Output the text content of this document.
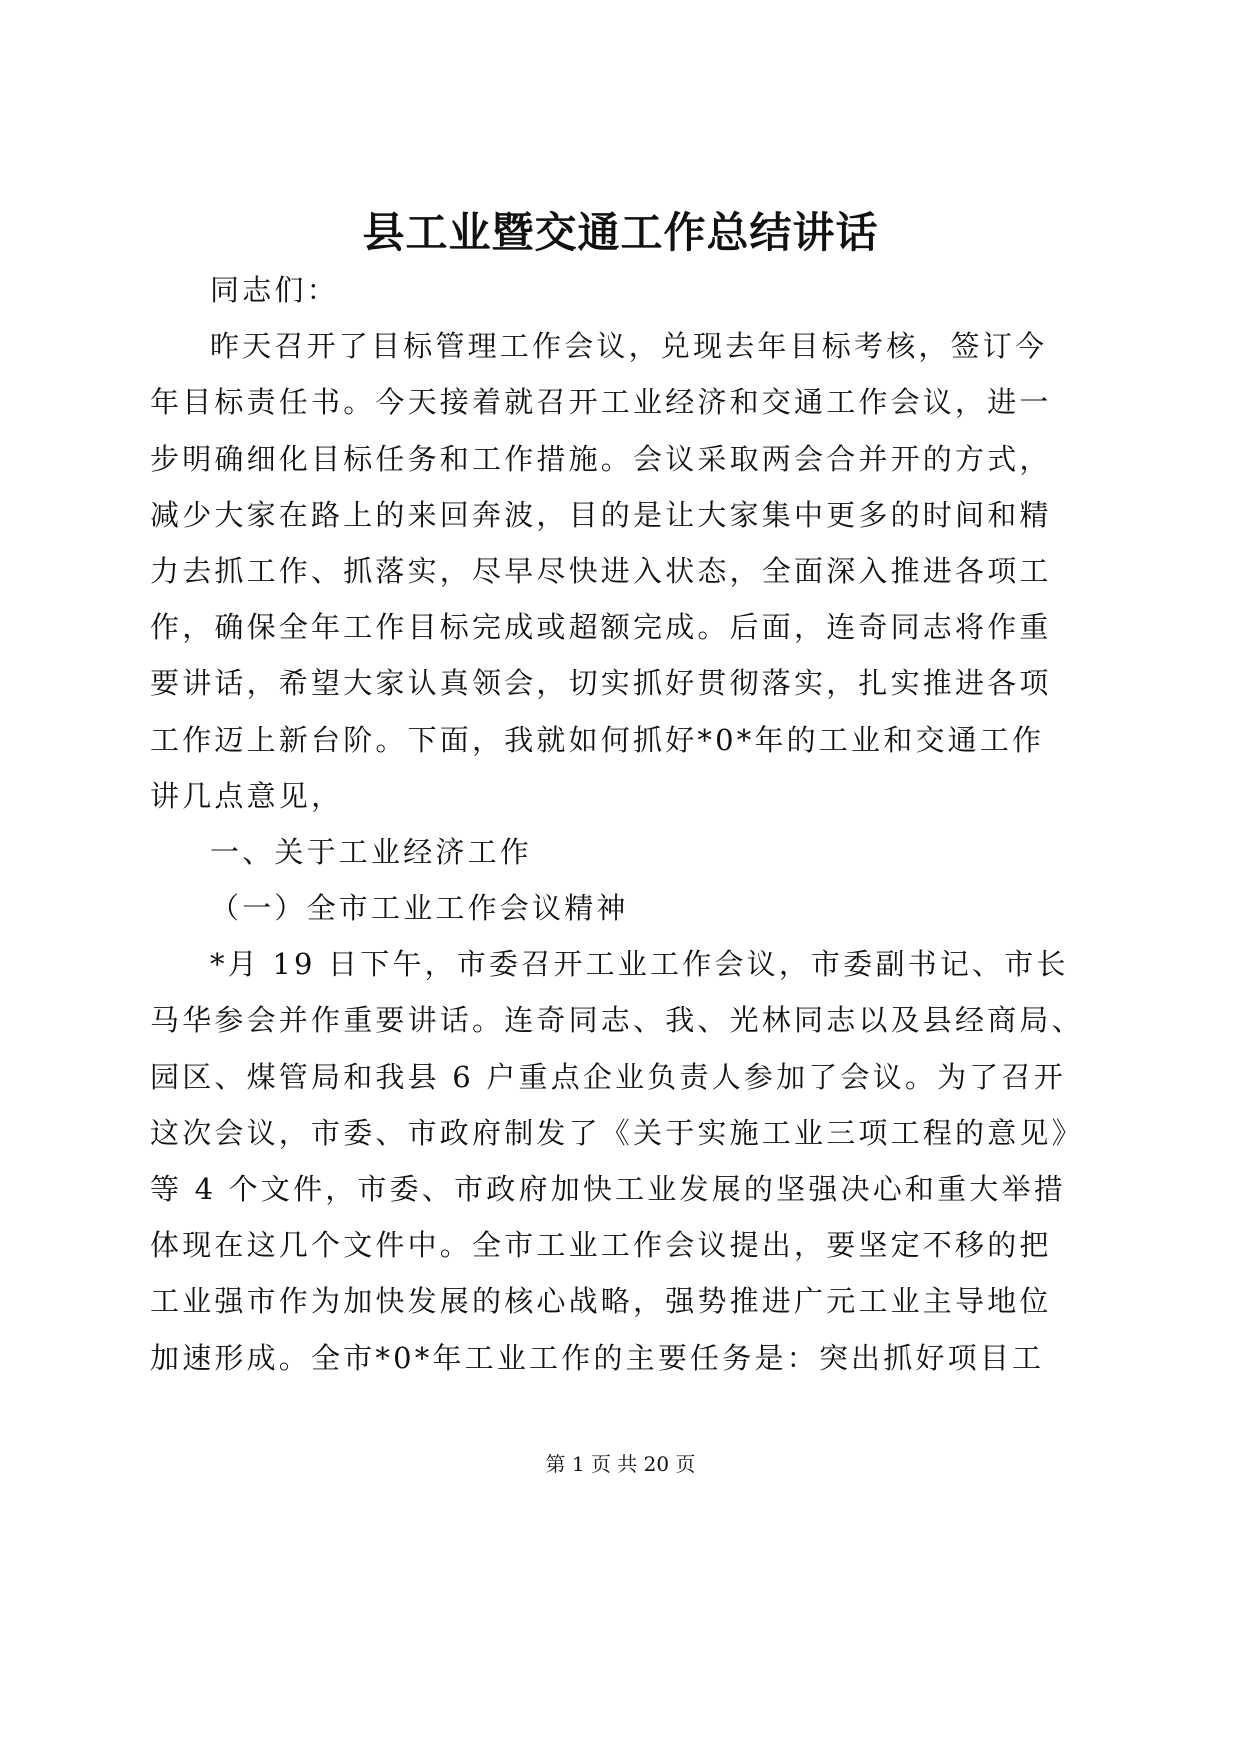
县工业暨交通工作总结讲话
同志们：
昨天召开了目标管理工作会议，兑现去年目标考核，签订今
年目标责任书。今天接着就召开工业经济和交通工作会议，进一
步明确细化目标任务和工作措施。会议采取两会合并开的方式，
减少大家在路上的来回奔波，目的是让大家集中更多的时间和精
力去抓工作、抓落实，尽早尽快进入状态，全面深入推进各项工
作，确保全年工作目标完成或超额完成。后面，连奇同志将作重
要讲话，希望大家认真领会，切实抓好贯彻落实，扎实推进各项
工作迈上新台阶。下面，我就如何抓好*0*年的工业和交通工作
讲几点意见，
一、关于工业经济工作
（一）全市工业工作会议精神
*月 19 日下午，市委召开工业工作会议，市委副书记、市长
马华参会并作重要讲话。连奇同志、我、光林同志以及县经商局、
园区、煤管局和我县 6 户重点企业负责人参加了会议。为了召开
这次会议，市委、市政府制发了《关于实施工业三项工程的意见》
等 4 个文件，市委、市政府加快工业发展的坚强决心和重大举措
体现在这几个文件中。全市工业工作会议提出，要坚定不移的把
工业强市作为加快发展的核心战略，强势推进广元工业主导地位
加速形成。全市*0*年工业工作的主要任务是：突出抓好项目工
第 1 页 共 20 页
